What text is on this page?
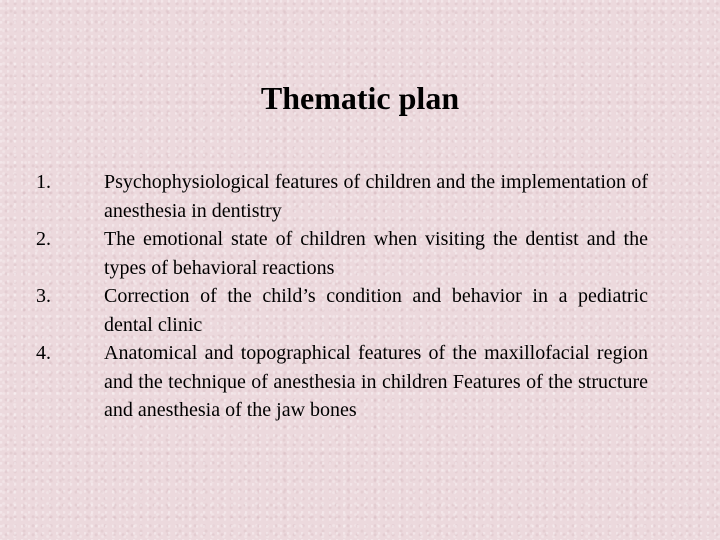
Thematic plan
1.	Psychophysiological features of children and the implementation of anesthesia in dentistry
2.	The emotional state of children when visiting the dentist and the types of behavioral reactions
3.	Correction of the child’s condition and behavior in a pediatric dental clinic
4.	Anatomical and topographical features of the maxillofacial region and the technique of anesthesia in children Features of the structure and anesthesia of the jaw bones
